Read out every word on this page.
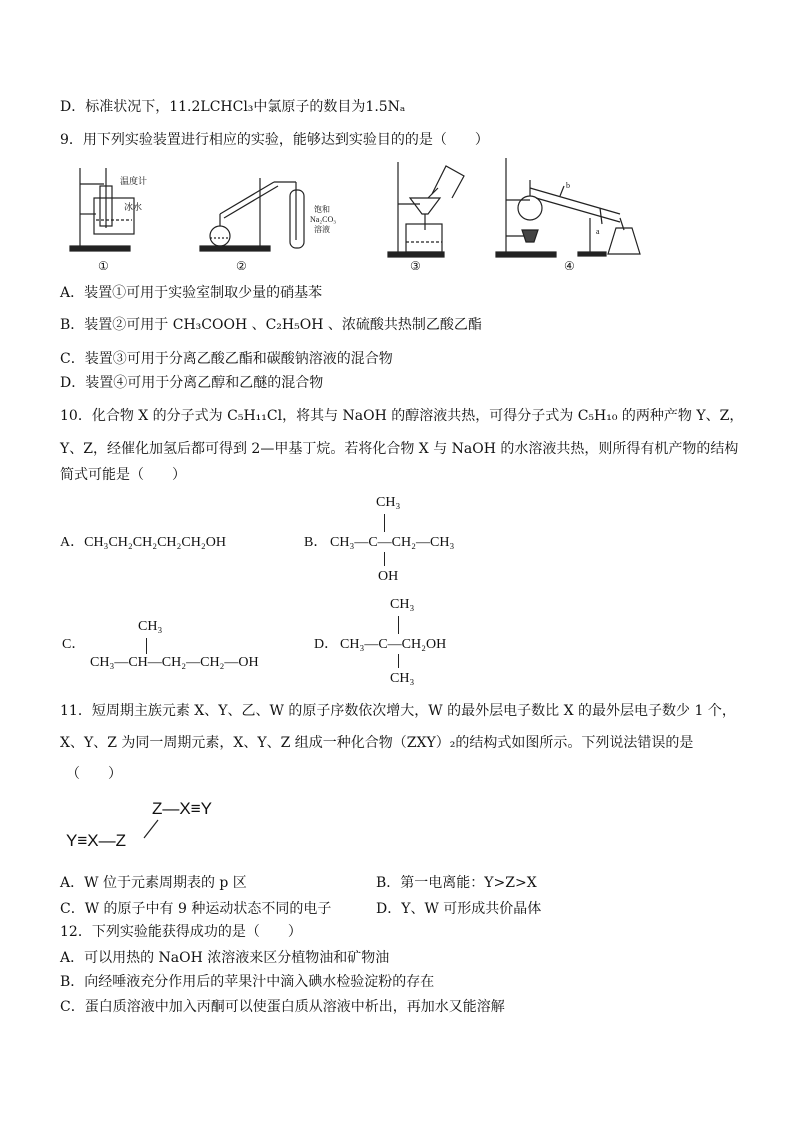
D．标准状况下，11.2LCHCl₃中氯原子的数目为1.5Nₐ
9．用下列实验装置进行相应的实验，能够达到实验目的的是（　　）
温度计
冰水
①
饱和
Na₂CO₃
溶液
②	③
b
a
④
A．装置①可用于实验室制取少量的硝基苯
B．装置②可用于 CH₃COOH 、C₂H₅OH 、浓硫酸共热制乙酸乙酯
C．装置③可用于分离乙酸乙酯和碳酸钠溶液的混合物
D．装置④可用于分离乙醇和乙醚的混合物
10．化合物 X 的分子式为 C₅H₁₁Cl，将其与 NaOH 的醇溶液共热，可得分子式为 C₅H₁₀ 的两种产物 Y、Z，
Y、Z，经催化加氢后都可得到 2—甲基丁烷。若将化合物 X 与 NaOH 的水溶液共热，则所得有机产物的结构
简式可能是（　　）
A．CH₃CH₂CH₂CH₂CH₂OH	B．
CH₃
CH₃—C—CH₂—CH₃
OH
C．
CH₃
CH₃—CH—CH₂—CH₂—OH
D．
CH₃
CH₃—C—CH₂OH
CH₃
11．短周期主族元素 X、Y、乙、W 的原子序数依次增大，W 的最外层电子数比 X 的最外层电子数少 1 个，
X、Y、Z 为同一周期元素，X、Y、Z 组成一种化合物（ZXY）₂的结构式如图所示。下列说法错误的是
（　　）
Z—X≡Y
Y≡X—Z
A．W 位于元素周期表的 p 区	B．第一电离能：Y>Z>X
C．W 的原子中有 9 种运动状态不同的电子	D．Y、W 可形成共价晶体
12．下列实验能获得成功的是（　　）
A．可以用热的 NaOH 浓溶液来区分植物油和矿物油
B．向经唾液充分作用后的苹果汁中滴入碘水检验淀粉的存在
C．蛋白质溶液中加入丙酮可以使蛋白质从溶液中析出，再加水又能溶解
